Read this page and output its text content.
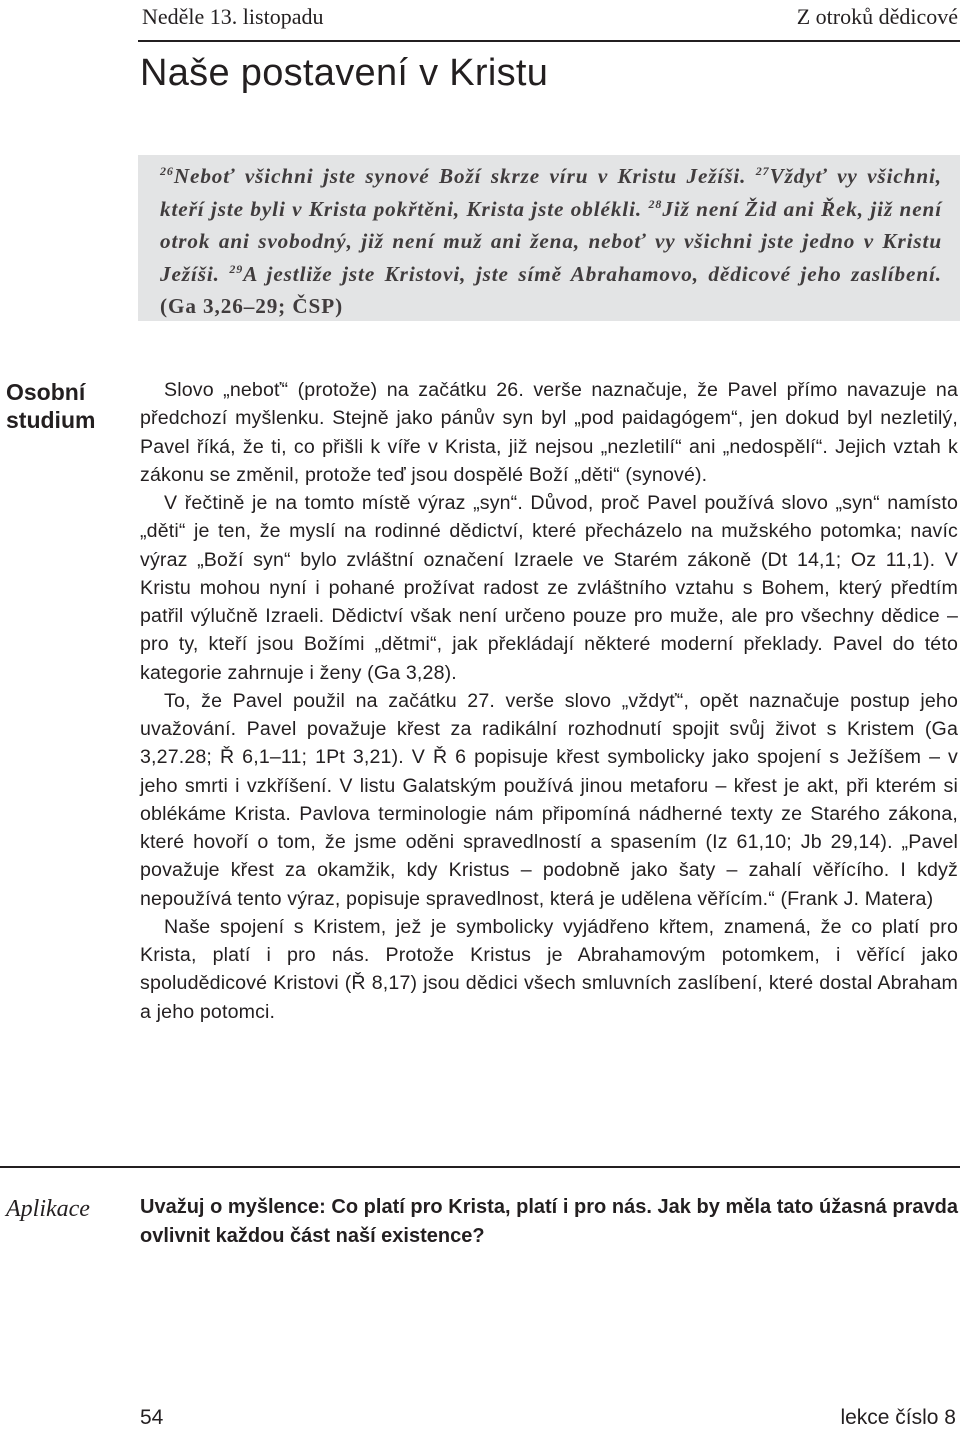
Neděle 13. listopadu	Z otroků dědicové
Naše postavení v Kristu
$^{26}$Neboť všichni jste synové Boží skrze víru v Kristu Ježíši. $^{27}$Vždyť vy všichni, kteří jste byli v Krista pokřtěni, Krista jste oblékli. $^{28}$Již není Žid ani Řek, již není otrok ani svobodný, již není muž ani žena, neboť vy všichni jste jedno v Kristu Ježíši. $^{29}$A jestliže jste Kristovi, jste símě Abrahamovo, dědicové jeho zaslíbení. (Ga 3,26–29; ČSP)
Osobní
studium

Slovo „neboť“ (protože) na začátku 26. verše naznačuje, že Pavel přímo navazuje na předchozí myšlenku. Stejně jako pánův syn byl „pod paidagógem“, jen dokud byl nezletilý, Pavel říká, že ti, co přišli k víře v Krista, již nejsou „nezletilí“ ani „nedospělí“. Jejich vztah k zákonu se změnil, protože teď jsou dospělé Boží „děti“ (synové).

V řečtině je na tomto místě výraz „syn“. Důvod, proč Pavel používá slovo „syn“ namísto „děti“ je ten, že myslí na rodinné dědictví, které přecházelo na mužského potomka; navíc výraz „Boží syn“ bylo zvláštní označení Izraele ve Starém zákoně (Dt 14,1; Oz 11,1). V Kristu mohou nyní i pohané prožívat radost ze zvláštního vztahu s Bohem, který předtím patřil výlučně Izraeli. Dědictví však není určeno pouze pro muže, ale pro všechny dědice – pro ty, kteří jsou Božími „dětmi“, jak překládají některé moderní překlady. Pavel do této kategorie zahrnuje i ženy (Ga 3,28).

To, že Pavel použil na začátku 27. verše slovo „vždyť“, opět naznačuje postup jeho uvažování. Pavel považuje křest za radikální rozhodnutí spojit svůj život s Kristem (Ga 3,27.28; Ř 6,1–11; 1Pt 3,21). V Ř 6 popisuje křest symbolicky jako spojení s Ježíšem – v jeho smrti i vzkříšení. V listu Galatským používá jinou metaforu – křest je akt, při kterém si oblékáme Krista. Pavlova terminologie nám připomíná nádherné texty ze Starého zákona, které hovoří o tom, že jsme oděni spravedlností a spasením (Iz 61,10; Jb 29,14). „Pavel považuje křest za okamžik, kdy Kristus – podobně jako šaty – zahalí věřícího. I když nepoužívá tento výraz, popisuje spravedlnost, která je udělena věřícím.“ (Frank J. Matera)

Naše spojení s Kristem, jež je symbolicky vyjádřeno křtem, znamená, že co platí pro Krista, platí i pro nás. Protože Kristus je Abrahamovým potomkem, i věřící jako spoludědicové Kristovi (Ř 8,17) jsou dědici všech smluvních zaslíbení, které dostal Abraham a jeho potomci.

Aplikace	Uvažuj o myšlence: Co platí pro Krista, platí i pro nás. Jak by měla tato úžasná pravda ovlivnit každou část naší existence?
54	lekce číslo 8
